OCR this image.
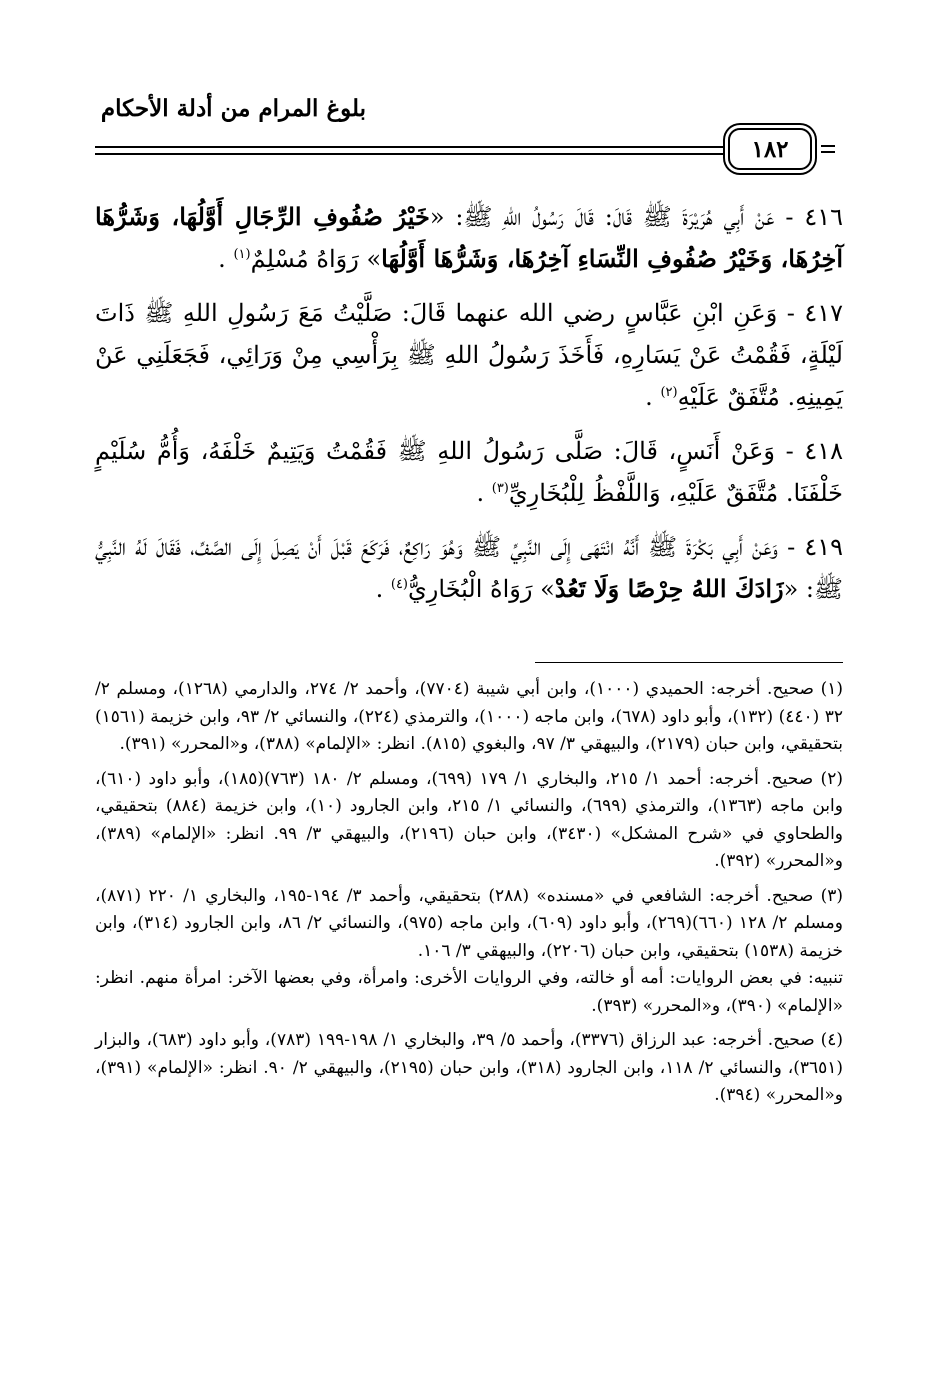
بلوغ المرام من أدلة الأحكام
١٨٢

٤١٦ - عَنْ أَبِي هُرَيْرَةَ ﷺ قَالَ: قَالَ رَسُولُ اللهِ ﷺ: «خَيْرُ صُفُوفِ الرِّجَالِ أَوَّلُهَا، وَشَرُّهَا آخِرُهَا، وَخَيْرُ صُفُوفِ النِّسَاءِ آخِرُهَا، وَشَرُّهَا أَوَّلُهَا» رَوَاهُ مُسْلِمٌ$^{(١)}$ .

٤١٧ - وَعَنِ ابْنِ عَبَّاسٍ رضي الله عنهما قَالَ: صَلَّيْتُ مَعَ رَسُولِ اللهِ ﷺ ذَاتَ لَيْلَةٍ، فَقُمْتُ عَنْ يَسَارِهِ، فَأَخَذَ رَسُولُ اللهِ ﷺ بِرَأْسِي مِنْ وَرَائِي، فَجَعَلَنِي عَنْ يَمِينِهِ. مُتَّفَقٌ عَلَيْهِ$^{(٢)}$ .

٤١٨ - وَعَنْ أَنَسٍ، قَالَ: صَلَّى رَسُولُ اللهِ ﷺ فَقُمْتُ وَيَتِيمٌ خَلْفَهُ، وَأُمُّ سُلَيْمٍ خَلْفَنَا. مُتَّفَقٌ عَلَيْهِ، وَاللَّفْظُ لِلْبُخَارِيِّ$^{(٣)}$ .

٤١٩ - وَعَنْ أَبِي بَكْرَةَ ﷺ أَنَّهُ انْتَهَى إِلَى النَّبِيِّ ﷺ وَهُوَ رَاكِعٌ، فَرَكَعَ قَبْلَ أَنْ يَصِلَ إِلَى الصَّفِّ، فَقَالَ لَهُ النَّبِيُّ ﷺ: «زَادَكَ اللهُ حِرْصًا وَلَا تَعُدْ» رَوَاهُ الْبُخَارِيُّ$^{(٤)}$ .

(١) صحيح. أخرجه: الحميدي (١٠٠٠)، وابن أبي شيبة (٧٧٠٤)، وأحمد ٢/ ٢٧٤، والدارمي (١٢٦٨)، ومسلم ٢/ ٣٢ (٤٤٠) (١٣٢)، وأبو داود (٦٧٨)، وابن ماجه (١٠٠٠)، والترمذي (٢٢٤)، والنسائي ٢/ ٩٣، وابن خزيمة (١٥٦١) بتحقيقي، وابن حبان (٢١٧٩)، والبيهقي ٣/ ٩٧، والبغوي (٨١٥). انظر: «الإلمام» (٣٨٨)، و«المحرر» (٣٩١).

(٢) صحيح. أخرجه: أحمد ١/ ٢١٥، والبخاري ١/ ١٧٩ (٦٩٩)، ومسلم ٢/ ١٨٠ (٧٦٣)(١٨٥)، وأبو داود (٦١٠)، وابن ماجه (١٣٦٣)، والترمذي (٦٩٩)، والنسائي ١/ ٢١٥، وابن الجارود (١٠)، وابن خزيمة (٨٨٤) بتحقيقي، والطحاوي في «شرح المشكل» (٣٤٣٠)، وابن حبان (٢١٩٦)، والبيهقي ٣/ ٩٩. انظر: «الإلمام» (٣٨٩)، و«المحرر» (٣٩٢).

(٣) صحيح. أخرجه: الشافعي في «مسنده» (٢٨٨) بتحقيقي، وأحمد ٣/ ١٩٤-١٩٥، والبخاري ١/ ٢٢٠ (٨٧١)، ومسلم ٢/ ١٢٨ (٦٦٠)(٢٦٩)، وأبو داود (٦٠٩)، وابن ماجه (٩٧٥)، والنسائي ٢/ ٨٦، وابن الجارود (٣١٤)، وابن خزيمة (١٥٣٨) بتحقيقي، وابن حبان (٢٢٠٦)، والبيهقي ٣/ ١٠٦.

تنبيه: في بعض الروايات: أمه أو خالته، وفي الروايات الأخرى: وامرأة، وفي بعضها الآخر: امرأة منهم. انظر: «الإلمام» (٣٩٠)، و«المحرر» (٣٩٣).

(٤) صحيح. أخرجه: عبد الرزاق (٣٣٧٦)، وأحمد ٥/ ٣٩، والبخاري ١/ ١٩٨-١٩٩ (٧٨٣)، وأبو داود (٦٨٣)، والبزار (٣٦٥١)، والنسائي ٢/ ١١٨، وابن الجارود (٣١٨)، وابن حبان (٢١٩٥)، والبيهقي ٢/ ٩٠. انظر: «الإلمام» (٣٩١)، و«المحرر» (٣٩٤).
